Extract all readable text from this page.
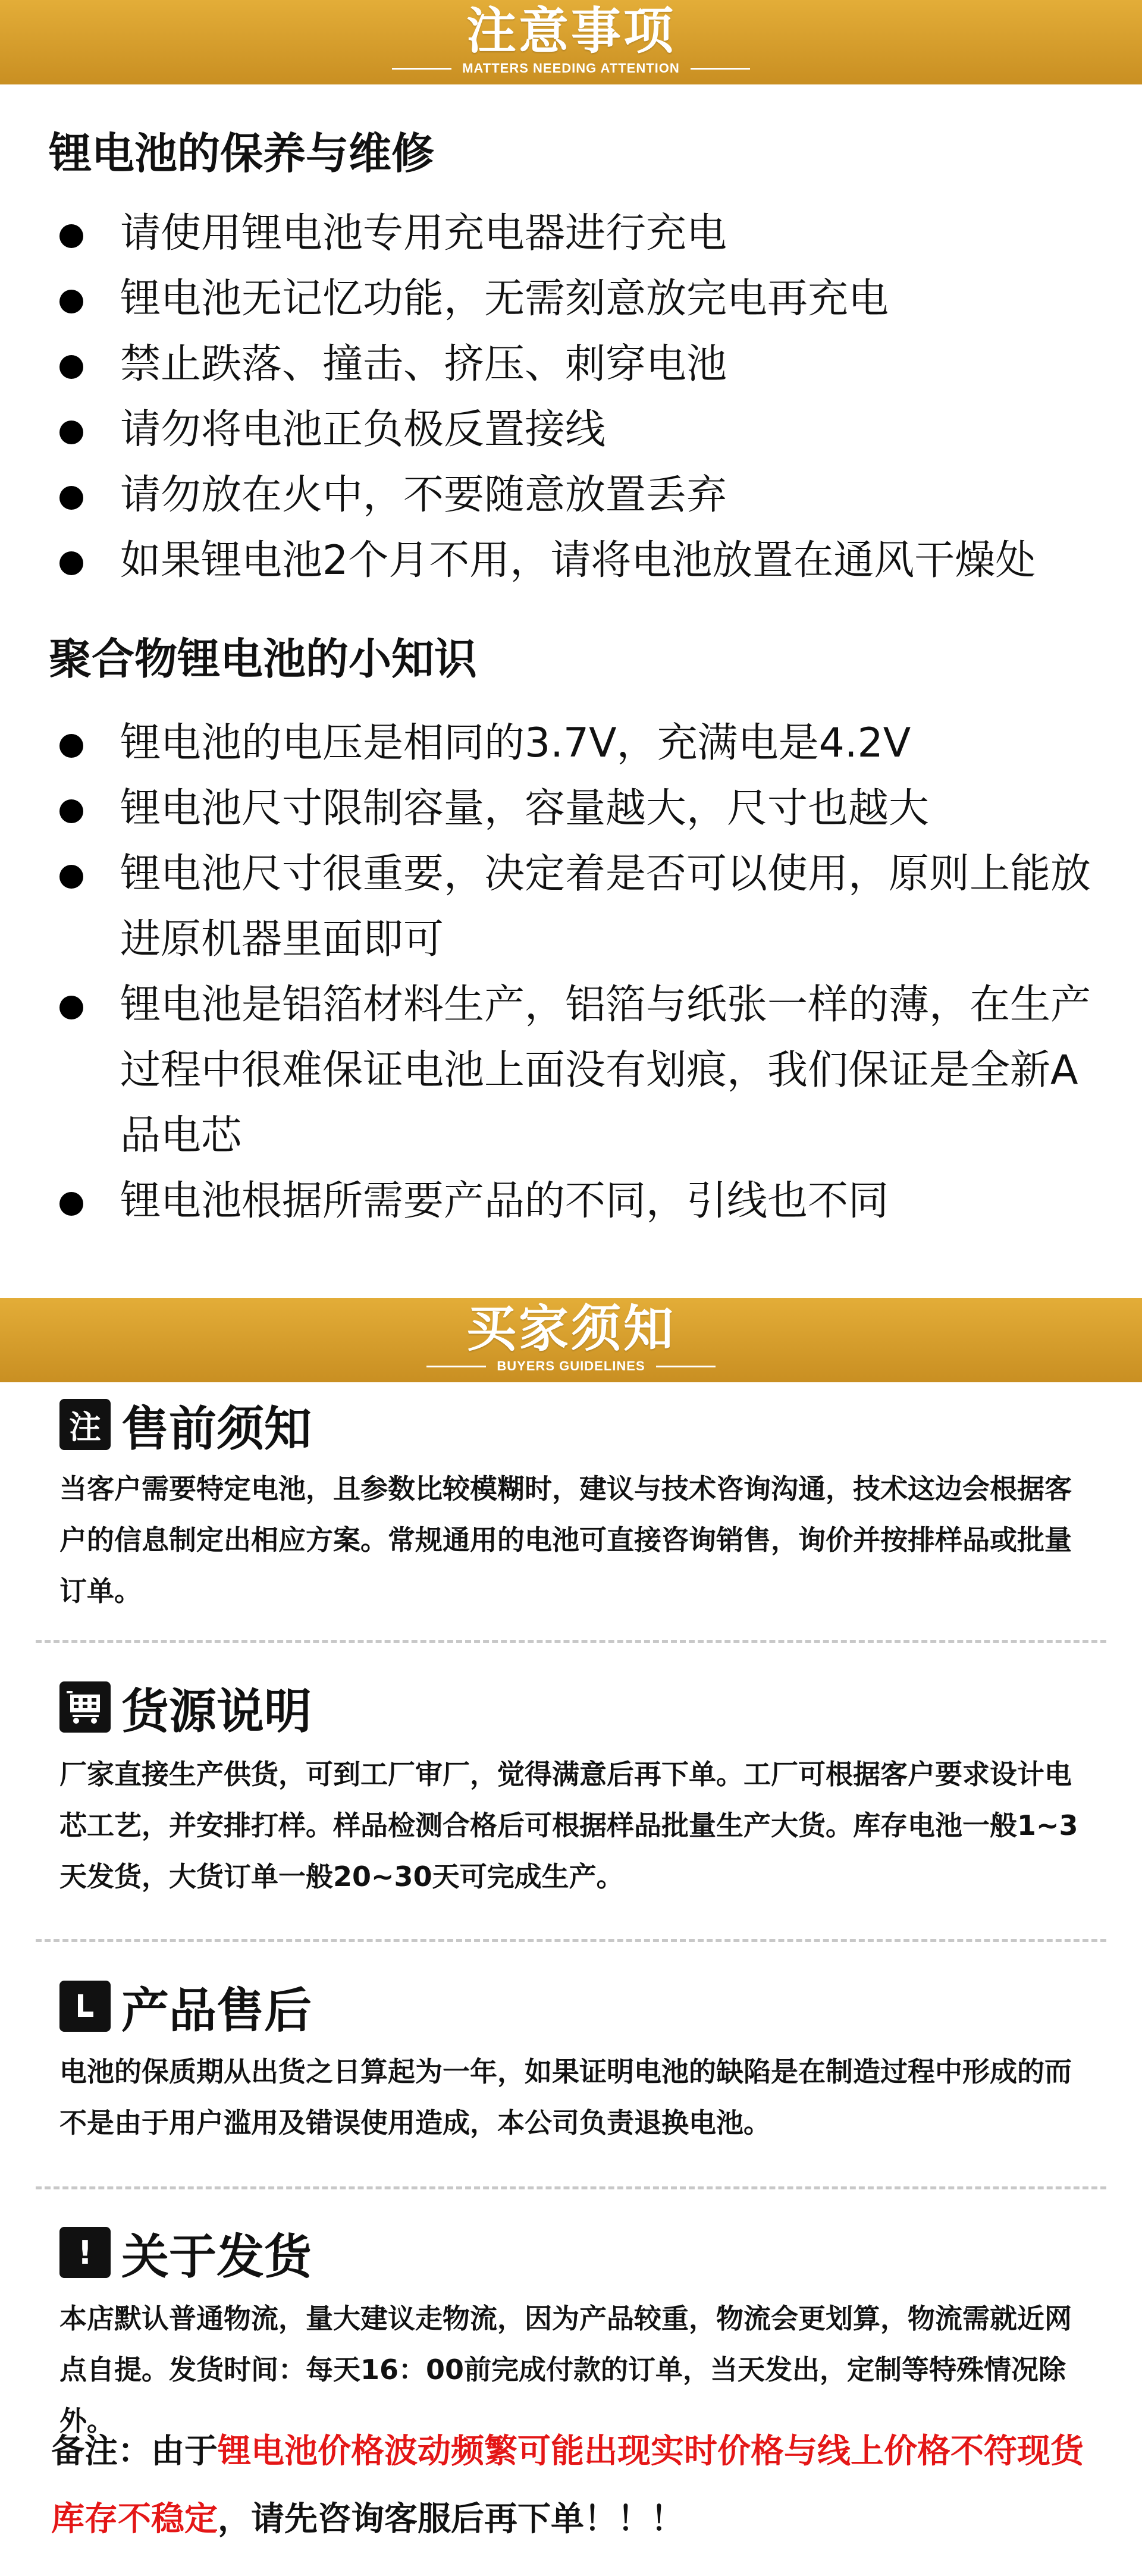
注意事项
MATTERS NEEDING ATTENTION
锂电池的保养与维修
请使用锂电池专用充电器进行充电
锂电池无记忆功能，无需刻意放完电再充电
禁止跌落、撞击、挤压、刺穿电池
请勿将电池正负极反置接线
请勿放在火中，不要随意放置丢弃
如果锂电池2个月不用，请将电池放置在通风干燥处
聚合物锂电池的小知识
锂电池的电压是相同的3.7V，充满电是4.2V
锂电池尺寸限制容量，容量越大，尺寸也越大
锂电池尺寸很重要，决定着是否可以使用，原则上能放进原机器里面即可
锂电池是铝箔材料生产，铝箔与纸张一样的薄，在生产过程中很难保证电池上面没有划痕，我们保证是全新A品电芯
锂电池根据所需要产品的不同，引线也不同
买家须知
BUYERS GUIDELINES
注 售前须知

当客户需要特定电池，且参数比较模糊时，建议与技术咨询沟通，技术这边会根据客户的信息制定出相应方案。常规通用的电池可直接咨询销售，询价并按排样品或批量订单。

货源说明

厂家直接生产供货，可到工厂审厂，觉得满意后再下单。工厂可根据客户要求设计电芯工艺，并安排打样。样品检测合格后可根据样品批量生产大货。库存电池一般1~3天发货，大货订单一般20~30天可完成生产。

产品售后

电池的保质期从出货之日算起为一年，如果证明电池的缺陷是在制造过程中形成的而不是由于用户滥用及错误使用造成，本公司负责退换电池。

! 关于发货

本店默认普通物流，量大建议走物流，因为产品较重，物流会更划算，物流需就近网点自提。发货时间：每天16：00前完成付款的订单，当天发出，定制等特殊情况除外。

备注：由于锂电池价格波动频繁可能出现实时价格与线上价格不符现货库存不稳定，请先咨询客服后再下单！！！
